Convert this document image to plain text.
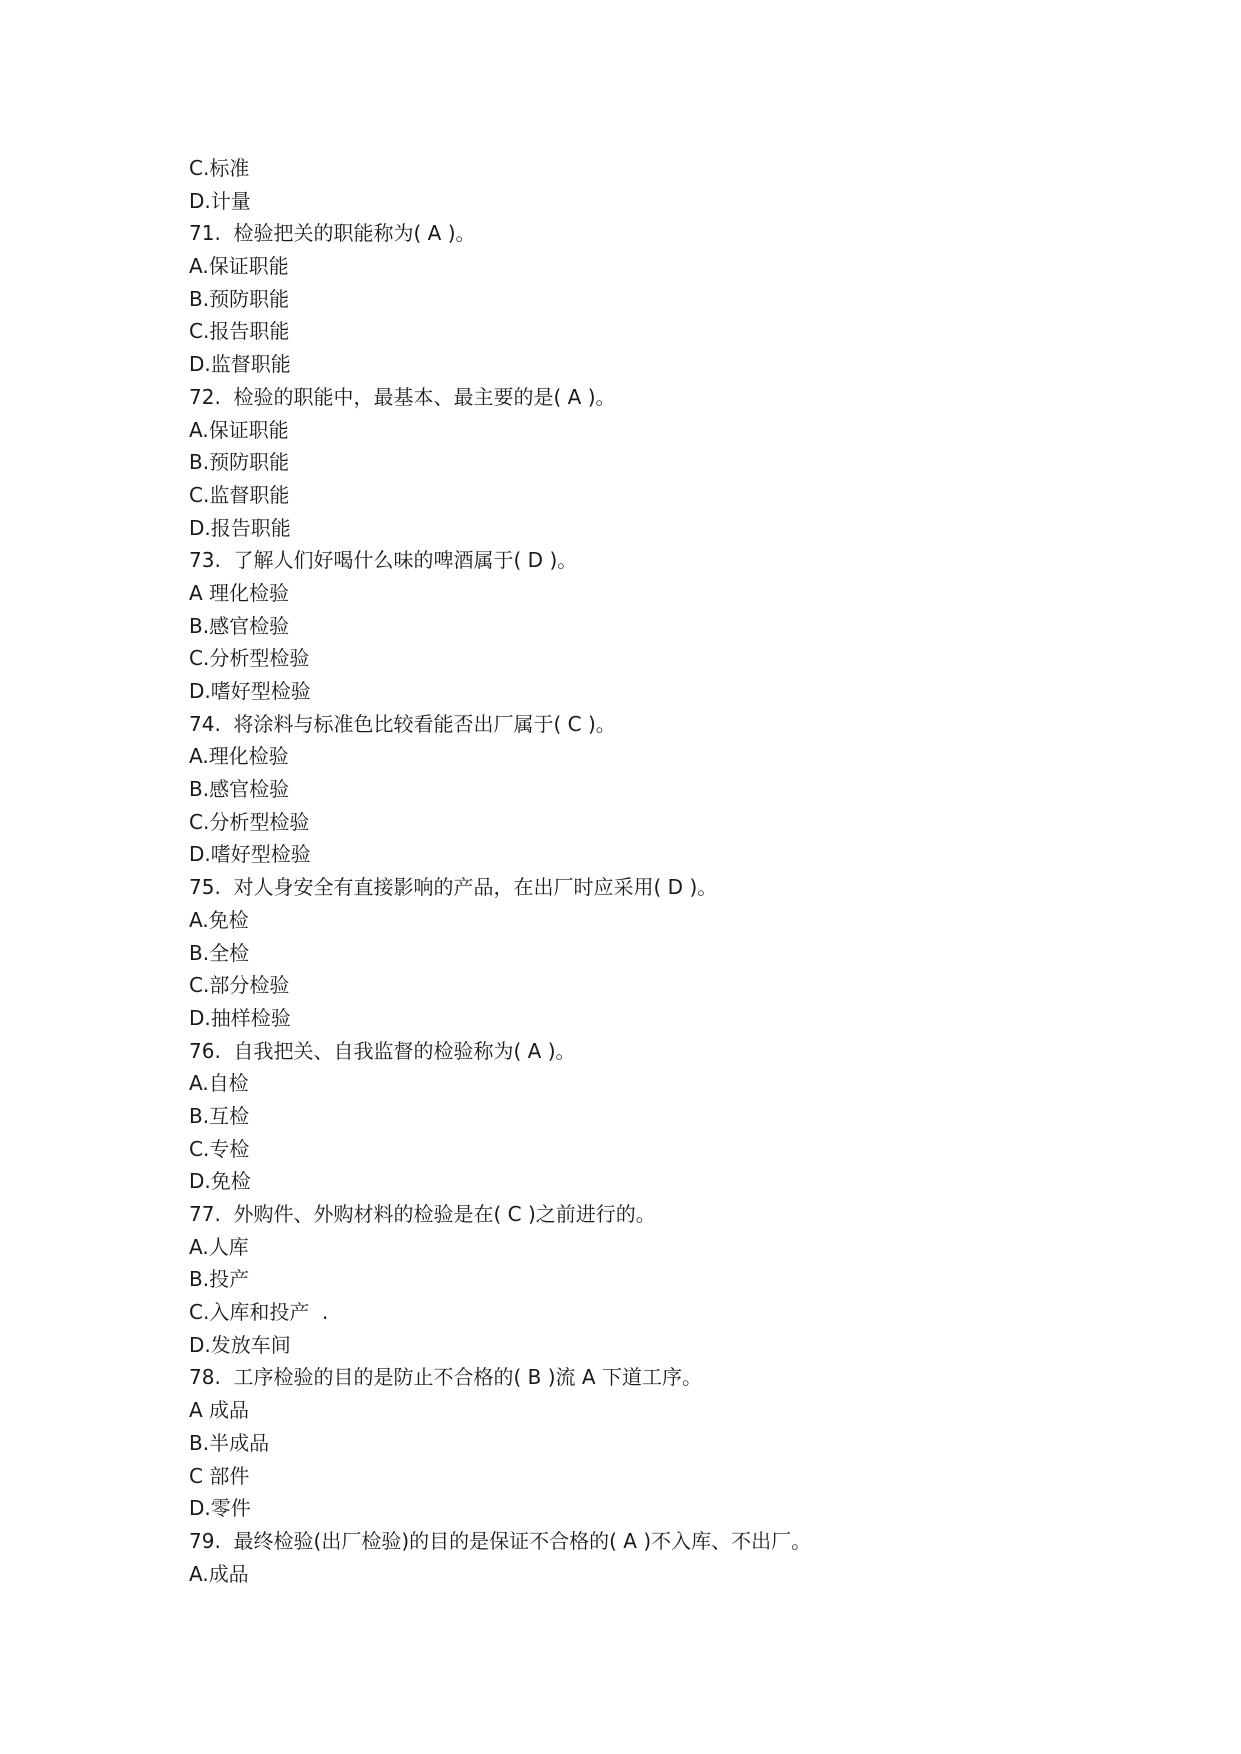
C.标准
D.计量
71.  检验把关的职能称为( A )。
A.保证职能
B.预防职能
C.报告职能
D.监督职能
72.  检验的职能中，最基本、最主要的是( A )。
A.保证职能
B.预防职能
C.监督职能
D.报告职能
73.  了解人们好喝什么味的啤酒属于( D )。
A 理化检验
B.感官检验
C.分析型检验
D.嗜好型检验
74.  将涂料与标准色比较看能否出厂属于( C )。
A.理化检验
B.感官检验
C.分析型检验
D.嗜好型检验
75.  对人身安全有直接影响的产品，在出厂时应采用( D )。
A.免检
B.全检
C.部分检验
D.抽样检验
76.  自我把关、自我监督的检验称为( A )。
A.自检
B.互检
C.专检
D.免检
77.  外购件、外购材料的检验是在( C )之前进行的。
A.人库
B.投产
C.入库和投产  .
D.发放车间
78.  工序检验的目的是防止不合格的( B )流 A 下道工序。
A 成品
B.半成品
C 部件
D.零件
79.  最终检验(出厂检验)的目的是保证不合格的( A )不入库、不出厂。
A.成品
